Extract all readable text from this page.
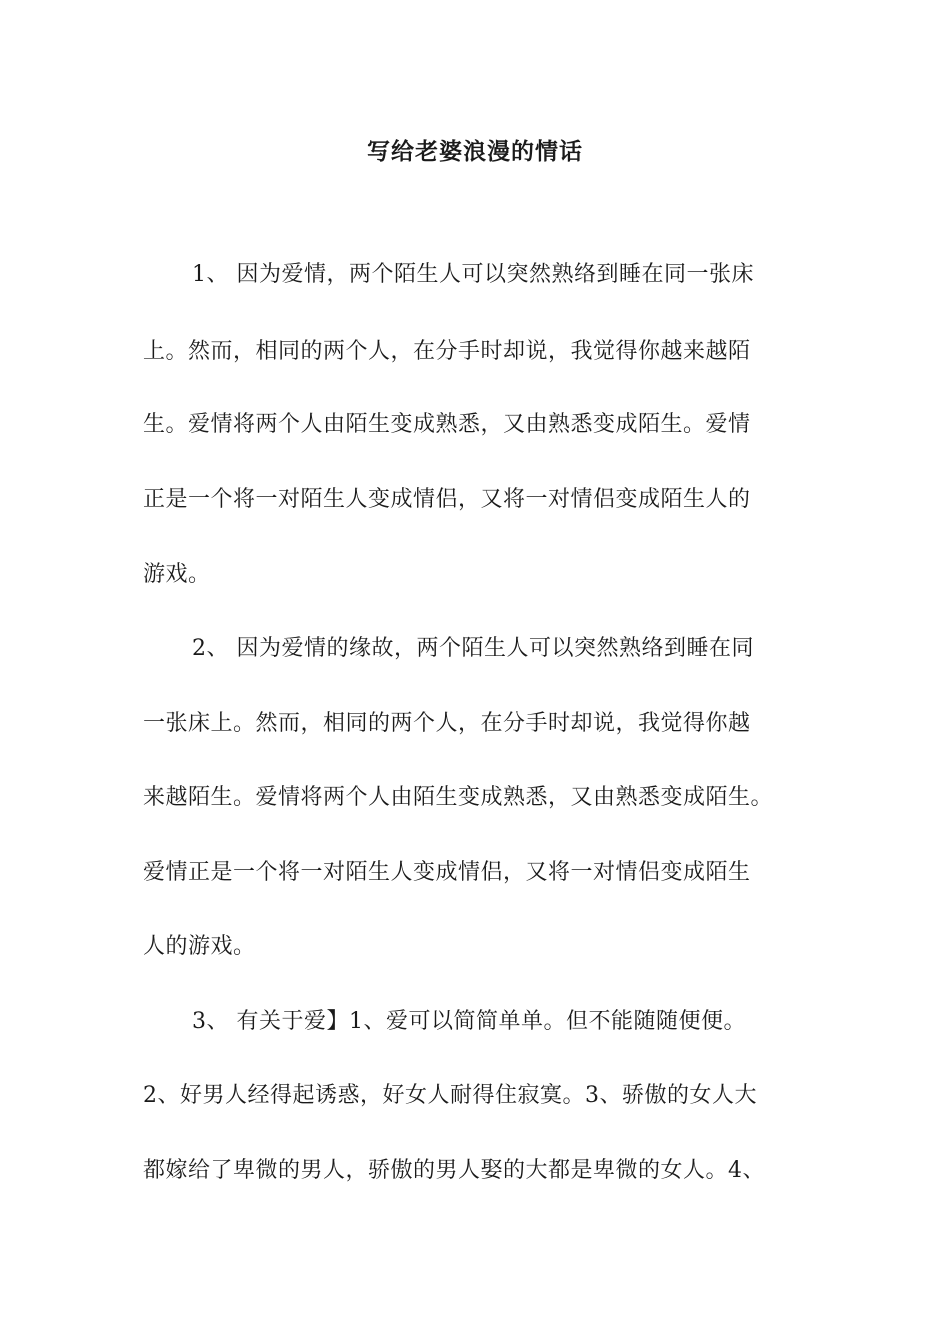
写给老婆浪漫的情话
1、 因为爱情，两个陌生人可以突然熟络到睡在同一张床
上。然而，相同的两个人，在分手时却说，我觉得你越来越陌
生。爱情将两个人由陌生变成熟悉，又由熟悉变成陌生。爱情
正是一个将一对陌生人变成情侣，又将一对情侣变成陌生人的
游戏。
2、 因为爱情的缘故，两个陌生人可以突然熟络到睡在同
一张床上。然而，相同的两个人，在分手时却说，我觉得你越
来越陌生。爱情将两个人由陌生变成熟悉，又由熟悉变成陌生。
爱情正是一个将一对陌生人变成情侣，又将一对情侣变成陌生
人的游戏。
3、 有关于爱】1、爱可以简简单单。但不能随随便便。
2、好男人经得起诱惑，好女人耐得住寂寞。3、骄傲的女人大
都嫁给了卑微的男人，骄傲的男人娶的大都是卑微的女人。4、
